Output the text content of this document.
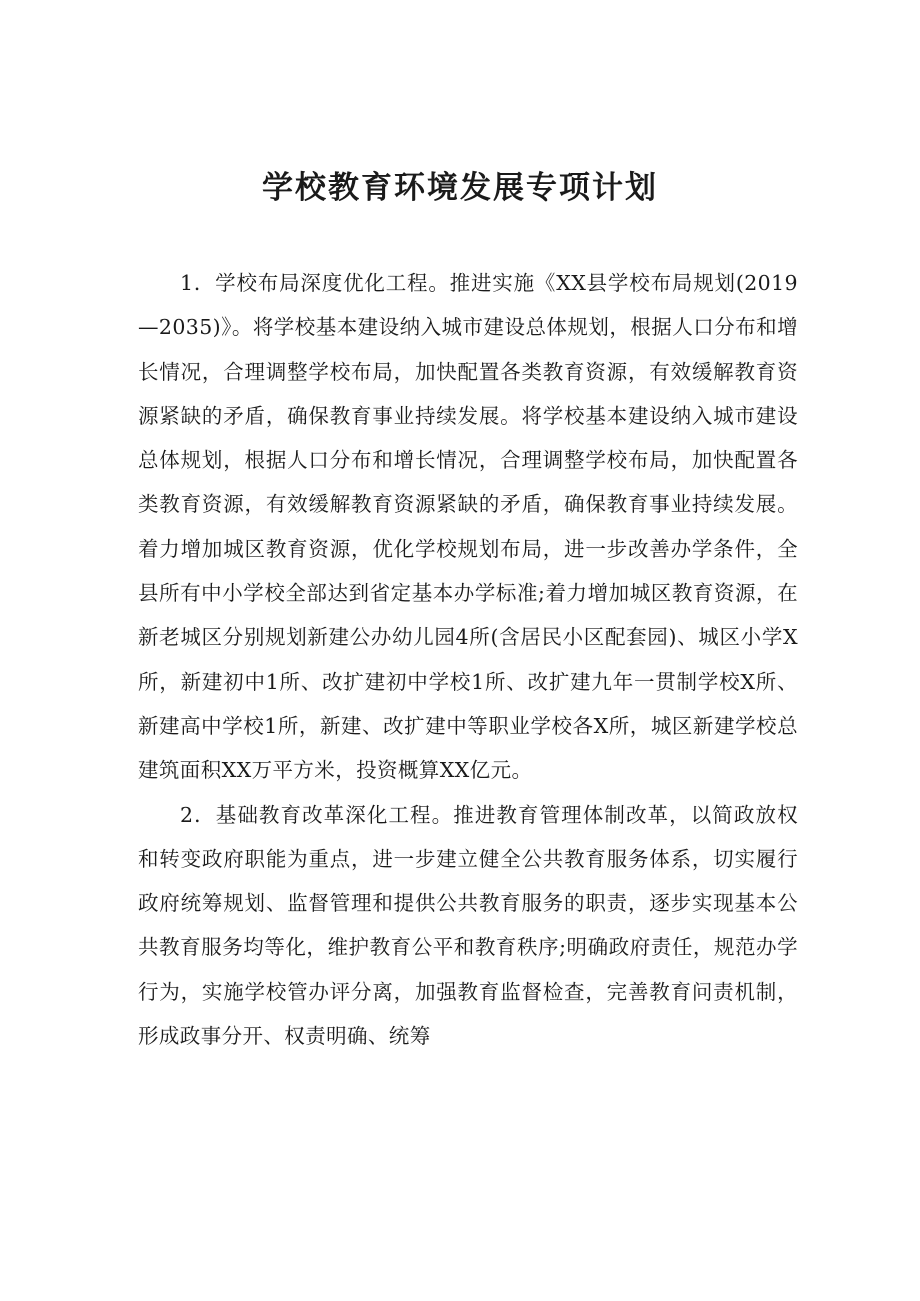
学校教育环境发展专项计划

1．学校布局深度优化工程。推进实施《XX县学校布局规划(2019—2035)》。将学校基本建设纳入城市建设总体规划，根据人口分布和增长情况，合理调整学校布局，加快配置各类教育资源，有效缓解教育资源紧缺的矛盾，确保教育事业持续发展。将学校基本建设纳入城市建设总体规划，根据人口分布和增长情况，合理调整学校布局，加快配置各类教育资源，有效缓解教育资源紧缺的矛盾，确保教育事业持续发展。着力增加城区教育资源，优化学校规划布局，进一步改善办学条件，全县所有中小学校全部达到省定基本办学标准;着力增加城区教育资源，在新老城区分别规划新建公办幼儿园4所(含居民小区配套园)、城区小学X所，新建初中1所、改扩建初中学校1所、改扩建九年一贯制学校X所、新建高中学校1所，新建、改扩建中等职业学校各X所，城区新建学校总建筑面积XX万平方米，投资概算XX亿元。

2．基础教育改革深化工程。推进教育管理体制改革，以简政放权和转变政府职能为重点，进一步建立健全公共教育服务体系，切实履行政府统筹规划、监督管理和提供公共教育服务的职责，逐步实现基本公共教育服务均等化，维护教育公平和教育秩序;明确政府责任，规范办学行为，实施学校管办评分离，加强教育监督检查，完善教育问责机制，形成政事分开、权责明确、统筹
